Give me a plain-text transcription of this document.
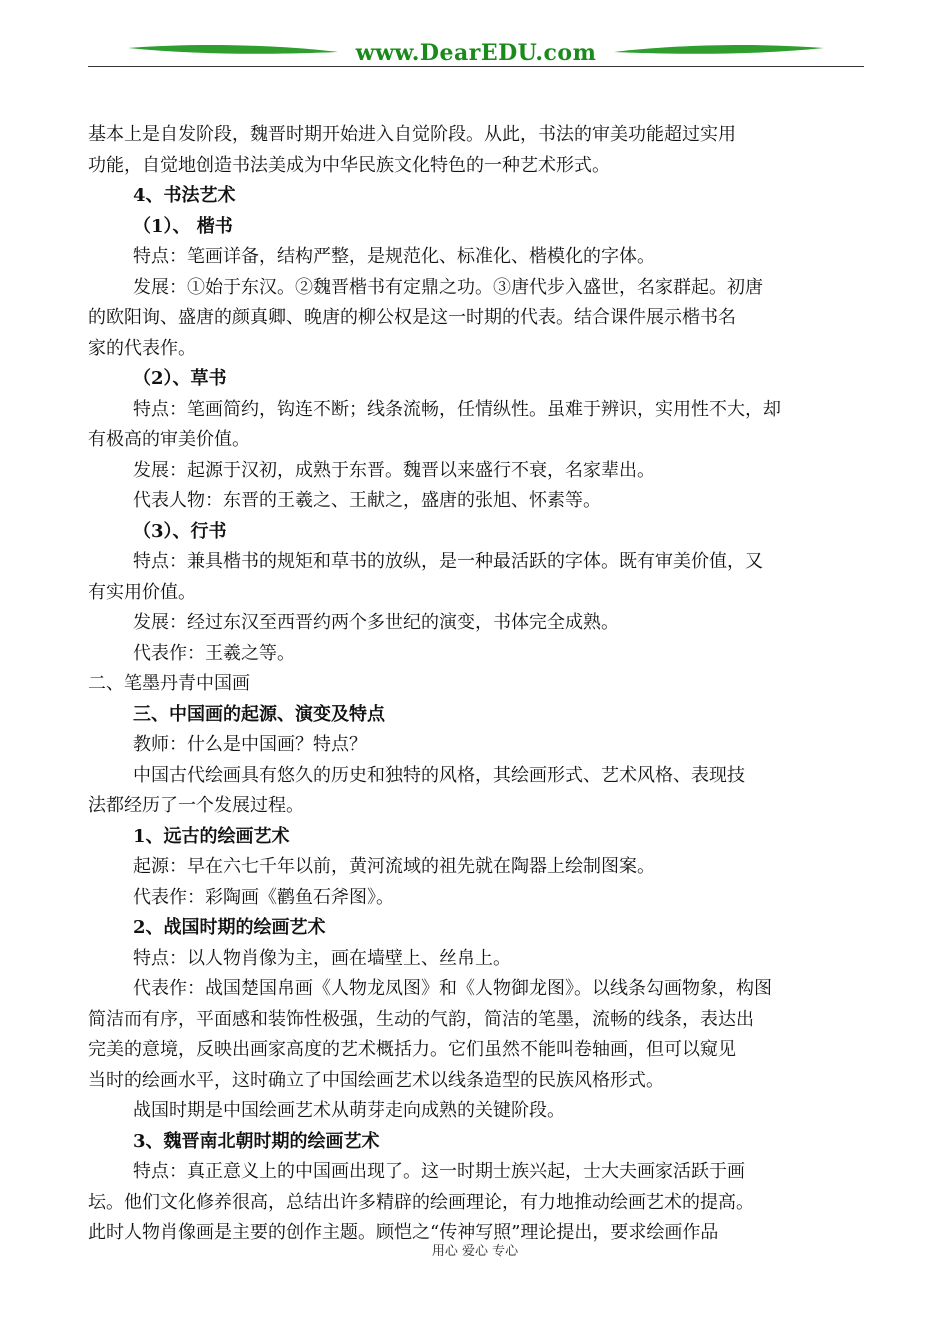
www.DearEDU.com
基本上是自发阶段，魏晋时期开始进入自觉阶段。从此，书法的审美功能超过实用
功能，自觉地创造书法美成为中华民族文化特色的一种艺术形式。
4、书法艺术
（1）、 楷书
特点：笔画详备，结构严整，是规范化、标准化、楷模化的字体。
发展：①始于东汉。②魏晋楷书有定鼎之功。③唐代步入盛世，名家群起。初唐
的欧阳询、盛唐的颜真卿、晚唐的柳公权是这一时期的代表。结合课件展示楷书名
家的代表作。
（2）、草书
特点：笔画简约，钩连不断；线条流畅，任情纵性。虽难于辨识，实用性不大，却
有极高的审美价值。
发展：起源于汉初，成熟于东晋。魏晋以来盛行不衰，名家辈出。
代表人物：东晋的王羲之、王献之，盛唐的张旭、怀素等。
（3）、行书
特点：兼具楷书的规矩和草书的放纵，是一种最活跃的字体。既有审美价值，又
有实用价值。
发展：经过东汉至西晋约两个多世纪的演变，书体完全成熟。
代表作：王羲之等。
二、笔墨丹青中国画
三、中国画的起源、演变及特点
教师：什么是中国画？特点？
中国古代绘画具有悠久的历史和独特的风格，其绘画形式、艺术风格、表现技
法都经历了一个发展过程。
1、远古的绘画艺术
起源：早在六七千年以前，黄河流域的祖先就在陶器上绘制图案。
代表作：彩陶画《鹳鱼石斧图》。
2、战国时期的绘画艺术
特点：以人物肖像为主，画在墙壁上、丝帛上。
代表作：战国楚国帛画《人物龙凤图》和《人物御龙图》。以线条勾画物象，构图
简洁而有序，平面感和装饰性极强，生动的气韵，简洁的笔墨，流畅的线条，表达出
完美的意境，反映出画家高度的艺术概括力。它们虽然不能叫卷轴画，但可以窥见
当时的绘画水平，这时确立了中国绘画艺术以线条造型的民族风格形式。
战国时期是中国绘画艺术从萌芽走向成熟的关键阶段。
3、魏晋南北朝时期的绘画艺术
特点：真正意义上的中国画出现了。这一时期士族兴起，士大夫画家活跃于画
坛。他们文化修养很高，总结出许多精辟的绘画理论，有力地推动绘画艺术的提高。
此时人物肖像画是主要的创作主题。顾恺之“传神写照”理论提出，要求绘画作品
用心 爱心 专心
